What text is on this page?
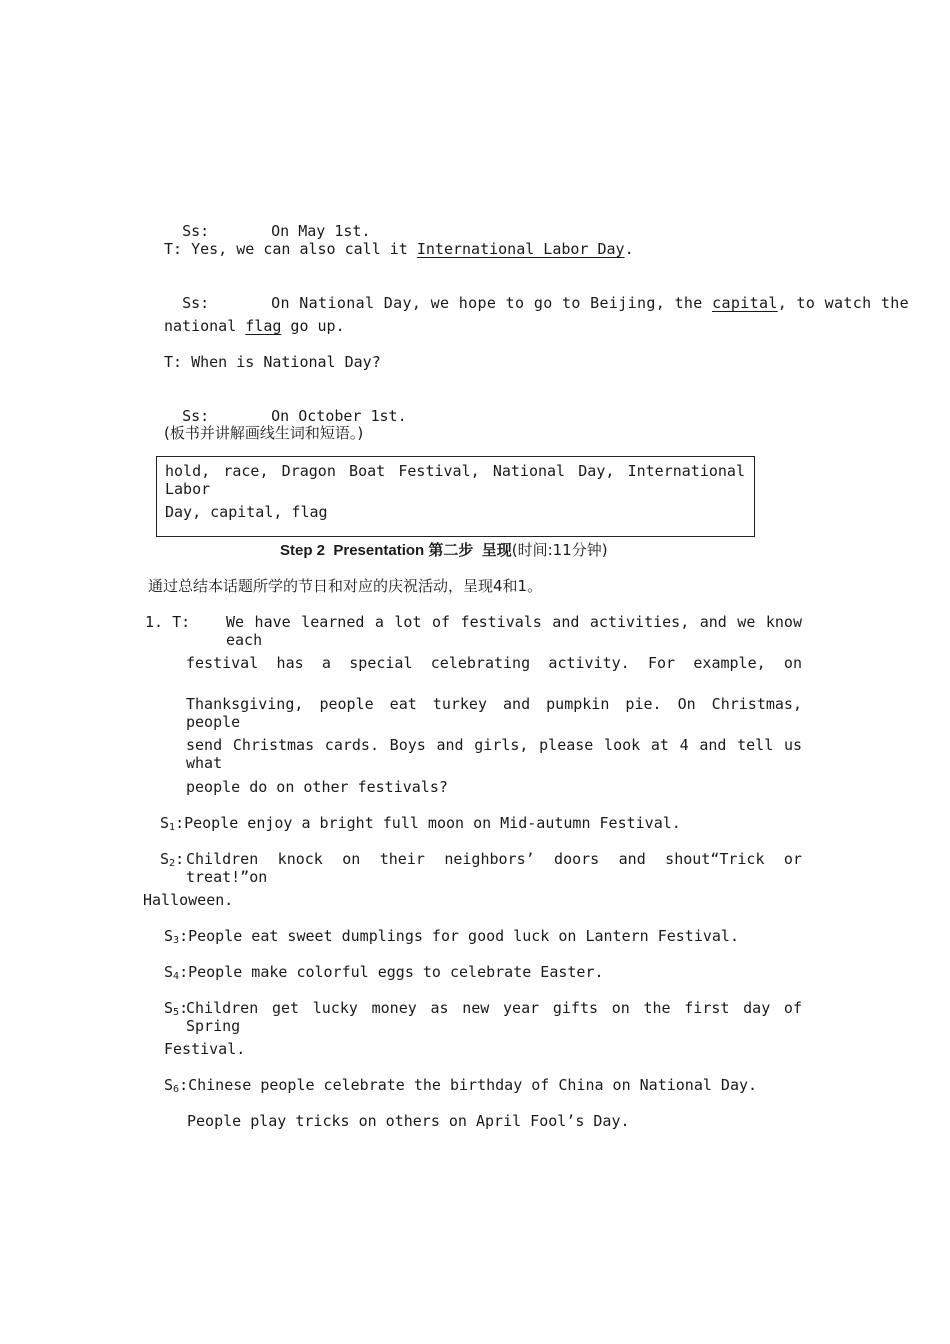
Ss:	On May 1st.

T: Yes, we can also call it International Labor Day.

Ss:	On National Day, we hope to go to Beijing, the capital, to watch the

national flag go up.
T: When is National Day?

Ss:	On October 1st.

(板书并讲解画线生词和短语。)
hold, race, Dragon Boat Festival, National Day, International Labor
Day, capital, flag
Step 2  Presentation 第二步  呈现(时间:11分钟)
通过总结本话题所学的节日和对应的庆祝活动，呈现4和1。
1. T: We have learned a lot of festivals and activities, and we know each
festival has a special celebrating activity. For example, on
Thanksgiving, people eat turkey and pumpkin pie. On Christmas, people
send Christmas cards. Boys and girls, please look at 4 and tell us what
people do on other festivals?
$S_1:People$ enjoy a bright full moon on Mid-autumn Festival.
$S_2$: Children knock on their neighbors’ doors and shout“Trick or treat!”on
Halloween.
$S_3:People$ eat sweet dumplings for good luck on Lantern Festival.
$S_4:People$ make colorful eggs to celebrate Easter.
$S_5$:
Children get lucky money as new year gifts on the first day of Spring
Festival.
$S_6:Chinese$ people celebrate the birthday of China on National Day.
People play tricks on others on April Fool’s Day.
